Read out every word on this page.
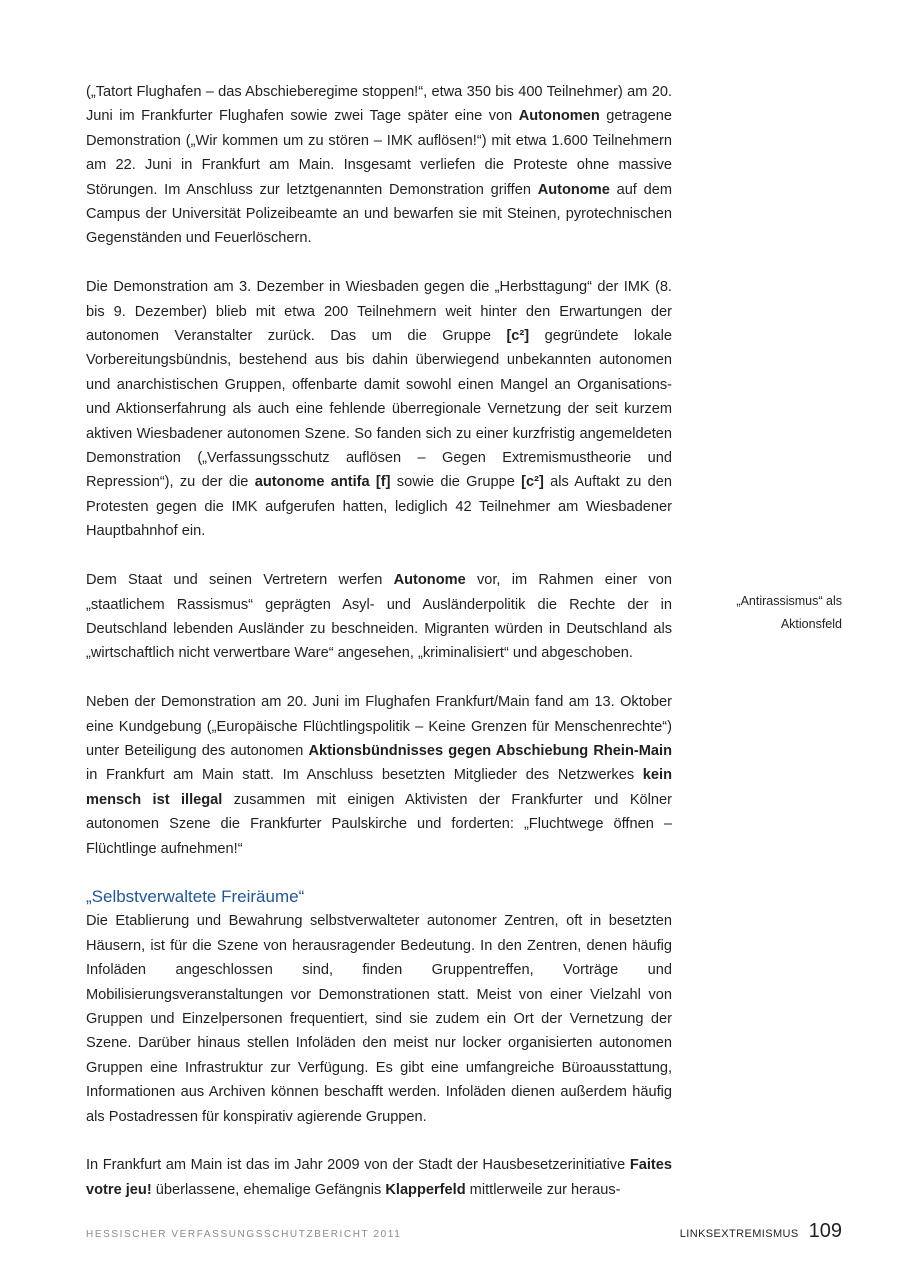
(„Tatort Flughafen – das Abschieberegime stoppen!“, etwa 350 bis 400 Teilnehmer) am 20. Juni im Frankfurter Flughafen sowie zwei Tage später eine von Autonomen getragene Demonstration („Wir kommen um zu stören – IMK auflösen!“) mit etwa 1.600 Teilnehmern am 22. Juni in Frankfurt am Main. Insgesamt verliefen die Proteste ohne massive Störungen. Im Anschluss zur letztgenannten Demonstration griffen Autonome auf dem Campus der Universität Polizeibeamte an und bewarfen sie mit Steinen, pyrotechnischen Gegenständen und Feuerlöschern.

Die Demonstration am 3. Dezember in Wiesbaden gegen die „Herbsttagung“ der IMK (8. bis 9. Dezember) blieb mit etwa 200 Teilnehmern weit hinter den Erwartungen der autonomen Veranstalter zurück. Das um die Gruppe [c²] gegründete lokale Vorbereitungsbündnis, bestehend aus bis dahin überwiegend unbekannten autonomen und anarchistischen Gruppen, offenbarte damit sowohl einen Mangel an Organisations- und Aktionserfahrung als auch eine fehlende überregionale Vernetzung der seit kurzem aktiven Wiesbadener autonomen Szene. So fanden sich zu einer kurzfristig angemeldeten Demonstration („Verfassungsschutz auflösen – Gegen Extremismustheorie und Repression“), zu der die autonome antifa [f] sowie die Gruppe [c²] als Auftakt zu den Protesten gegen die IMK aufgerufen hatten, lediglich 42 Teilnehmer am Wiesbadener Hauptbahnhof ein.

Dem Staat und seinen Vertretern werfen Autonome vor, im Rahmen einer von „staatlichem Rassismus“ geprägten Asyl- und Ausländerpolitik die Rechte der in Deutschland lebenden Ausländer zu beschneiden. Migranten würden in Deutschland als „wirtschaftlich nicht verwertbare Ware“ angesehen, „kriminalisiert“ und abgeschoben.

Neben der Demonstration am 20. Juni im Flughafen Frankfurt/Main fand am 13. Oktober eine Kundgebung („Europäische Flüchtlingspolitik – Keine Grenzen für Menschenrechte“) unter Beteiligung des autonomen Aktionsbündnisses gegen Abschiebung Rhein-Main in Frankfurt am Main statt. Im Anschluss besetzten Mitglieder des Netzwerkes kein mensch ist illegal zusammen mit einigen Aktivisten der Frankfurter und Kölner autonomen Szene die Frankfurter Paulskirche und forderten: „Fluchtwege öffnen – Flüchtlinge aufnehmen!“

„Selbstverwaltete Freiräume“

Die Etablierung und Bewahrung selbstverwalteter autonomer Zentren, oft in besetzten Häusern, ist für die Szene von herausragender Bedeutung. In den Zentren, denen häufig Infoläden angeschlossen sind, finden Gruppentreffen, Vorträge und Mobilisierungsveranstaltungen vor Demonstrationen statt. Meist von einer Vielzahl von Gruppen und Einzelpersonen frequentiert, sind sie zudem ein Ort der Vernetzung der Szene. Darüber hinaus stellen Infoläden den meist nur locker organisierten autonomen Gruppen eine Infrastruktur zur Verfügung. Es gibt eine umfangreiche Büroausstattung, Informationen aus Archiven können beschafft werden. Infoläden dienen außerdem häufig als Postadressen für konspirativ agierende Gruppen.

In Frankfurt am Main ist das im Jahr 2009 von der Stadt der Hausbesetzerinitiative Faites votre jeu! überlassene, ehemalige Gefängnis Klapperfeld mittlerweile zur heraus-

„Antirassismus“ als
Aktionsfeld
HESSISCHER VERFASSUNGSSCHUTZBERICHT 2011	LINKSEXTREMISMUS 109
